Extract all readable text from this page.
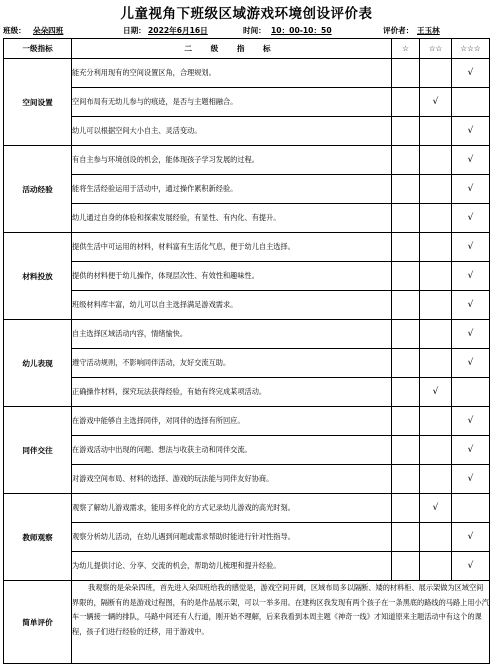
儿童视角下班级区域游戏环境创设评价表
班级： 朵朵四班	日期： 2022年6月16日	时间： 10：00-10：50	评价者： 王玉林
一级指标	二 级 指 标	☆	☆☆	☆☆☆
空间设置	能充分利用现有的空间设置区角，合理规划。			√
	空间布局有无幼儿参与的痕迹，是否与主题相融合。		√	
	幼儿可以根据空间大小自主、灵活变动。			√
活动经验	有自主参与环境创设的机会，能体现孩子学习发展的过程。			√
	能将生活经验运用于活动中，通过操作累积新经验。			√
	幼儿通过自身的体验和探索发展经验，有显性、有内化、有提升。			√
材料投放	提供生活中可运用的材料，材料富有生活化气息，便于幼儿自主选择。			√
	提供的材料便于幼儿操作，体现层次性、有效性和趣味性。			√
	班级材料库丰富，幼儿可以自主选择满足游戏需求。			√
幼儿表现	自主选择区域活动内容，情绪愉快。			√
	遵守活动规则，不影响同伴活动，友好交流互助。			√
	正确操作材料，探究玩法获得经验，有始有终完成某项活动。		√	
同伴交往	在游戏中能够自主选择同伴，对同伴的选择有所回应。			√
	在游戏活动中出现的问题、想法与收获主动和同伴交流。			√
	对游戏空间布局、材料的选择、游戏的玩法能与同伴友好协商。			√
教师观察	观察了解幼儿游戏需求，能用多样化的方式记录幼儿游戏的高光时刻。		√	
	观察分析幼儿活动，在幼儿遇到问题或需求帮助时能进行针对性指导。			√
	为幼儿提供讨论、分享、交流的机会，帮助幼儿梳理和提升经验。			√
简单评价	我观察的是朵朵四班，首先进入朵四班给我的感觉是，游戏空间开阔，区域布局多以隔断、矮的材料柜、展示架做为区域空间界限的，隔断有的是游戏过程图，有的是作品展示架，可以一举多用。在建构区我发现有两个孩子在一条黑底的路线的马路上用小汽车一辆接一辆的排队，马路中间还有人行道，刚开始不理解，后来我看到本周主题《神奇一线》才知道原来主题活动中有这个的课程，孩子们进行经验的迁移，用于游戏中。			
